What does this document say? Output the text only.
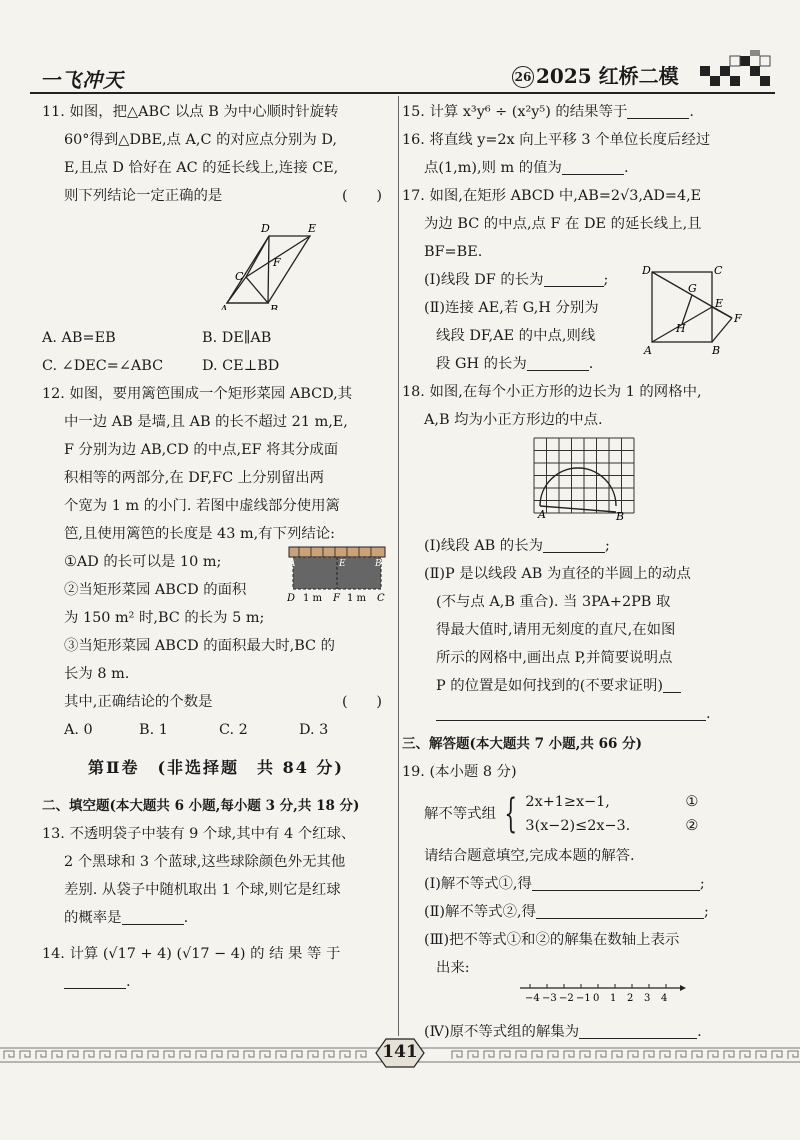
一飞冲天	26 2025 红桥二模

11. 如图，把△ABC 以点 B 为中心顺时针旋转

60°得到△DBE,点 A,C 的对应点分别为 D,

E,且点 D 恰好在 AC 的延长线上,连接 CE,

则下列结论一定正确的是	(　　)

D	E
F
C
A	B

A. AB=EB	B. DE∥AB

C. ∠DEC=∠ABC	D. CE⊥BD

12. 如图，要用篱笆围成一个矩形菜园 ABCD,其

中一边 AB 是墙,且 AB 的长不超过 21 m,E,

F 分别为边 AB,CD 的中点,EF 将其分成面

积相等的两部分,在 DF,FC 上分别留出两

个宽为 1 m 的小门. 若图中虚线部分使用篱

笆,且使用篱笆的长度是 43 m,有下列结论:

①AD 的长可以是 10 m;

②当矩形菜园 ABCD 的面积

为 150 m² 时,BC 的长为 5 m;

A	E	B
D 1 m F 1 m C

③当矩形菜园 ABCD 的面积最大时,BC 的

长为 8 m.

其中,正确结论的个数是	(　　)

A. 0	B. 1	C. 2	D. 3

第Ⅱ卷　(非选择题　共 84 分)

二、填空题(本大题共 6 小题,每小题 3 分,共 18 分)

13. 不透明袋子中装有 9 个球,其中有 4 个红球、

2 个黑球和 3 个蓝球,这些球除颜色外无其他

差别. 从袋子中随机取出 1 个球,则它是红球

的概率是	.

14. 计算 (√17 + 4) (√17 − 4) 的 结 果 等 于

.

15. 计算 x³y⁶ ÷ (x²y⁵) 的结果等于	.

16. 将直线 y=2x 向上平移 3 个单位长度后经过

点(1,m),则 m 的值为	.

17. 如图,在矩形 ABCD 中,AB=2√3,AD=4,E

为边 BC 的中点,点 F 在 DE 的延长线上,且

BF=BE.

(Ⅰ)线段 DF 的长为	;

(Ⅱ)连接 AE,若 G,H 分别为

线段 DF,AE 的中点,则线

段 GH 的长为	.

D	C
G
E
F
H
A	B

18. 如图,在每个小正方形的边长为 1 的网格中,

A,B 均为小正方形边的中点.

A	B

(Ⅰ)线段 AB 的长为	;

(Ⅱ)P 是以线段 AB 为直径的半圆上的动点

(不与点 A,B 重合). 当 3PA+2PB 取

得最大值时,请用无刻度的直尺,在如图

所示的网格中,画出点 P,并简要说明点

P 的位置是如何找到的(不要求证明)

.

三、解答题(本大题共 7 小题,共 66 分)

19. (本小题 8 分)

解不等式组 { 2x+1≥x−1,	①
3(x−2)≤2x−3.	②

请结合题意填空,完成本题的解答.

(Ⅰ)解不等式①,得	;

(Ⅱ)解不等式②,得	;

(Ⅲ)把不等式①和②的解集在数轴上表示

出来:

−4 −3 −2 −1 0 1 2 3 4

(Ⅳ)原不等式组的解集为	.

141
